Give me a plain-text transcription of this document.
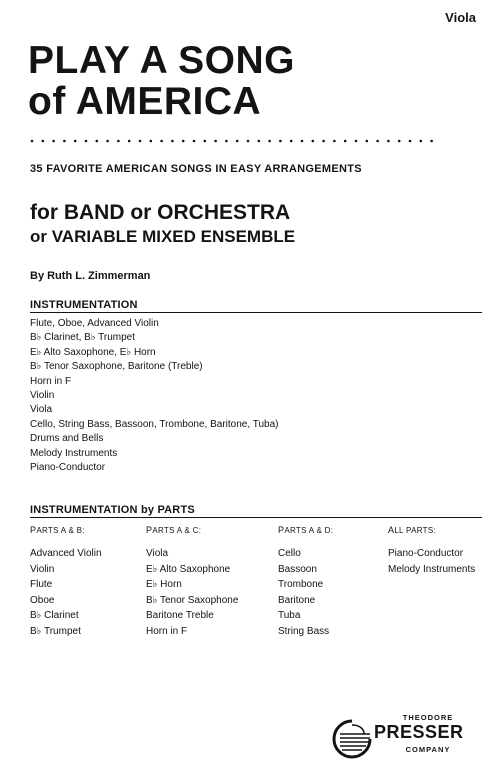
Viola
PLAY A SONG
of AMERICA
35 FAVORITE AMERICAN SONGS IN EASY ARRANGEMENTS
for BAND or ORCHESTRA
or VARIABLE MIXED ENSEMBLE
By Ruth L. Zimmerman
INSTRUMENTATION
Flute, Oboe, Advanced Violin
B♭ Clarinet, B♭ Trumpet
E♭ Alto Saxophone, E♭ Horn
B♭ Tenor Saxophone, Baritone (Treble)
Horn in F
Violin
Viola
Cello, String Bass, Bassoon, Trombone, Baritone, Tuba)
Drums and Bells
Melody Instruments
Piano-Conductor
INSTRUMENTATION by PARTS
PARTS A & B:
Advanced Violin
Violin
Flute
Oboe
B♭ Clarinet
B♭ Trumpet
PARTS A & C:
Viola
E♭ Alto Saxophone
E♭ Horn
B♭ Tenor Saxophone
Baritone Treble
Horn in F
PARTS A & D:
Cello
Bassoon
Trombone
Baritone
Tuba
String Bass
ALL PARTS:
Piano-Conductor
Melody Instruments
THEODORE
PRESSER
COMPANY
